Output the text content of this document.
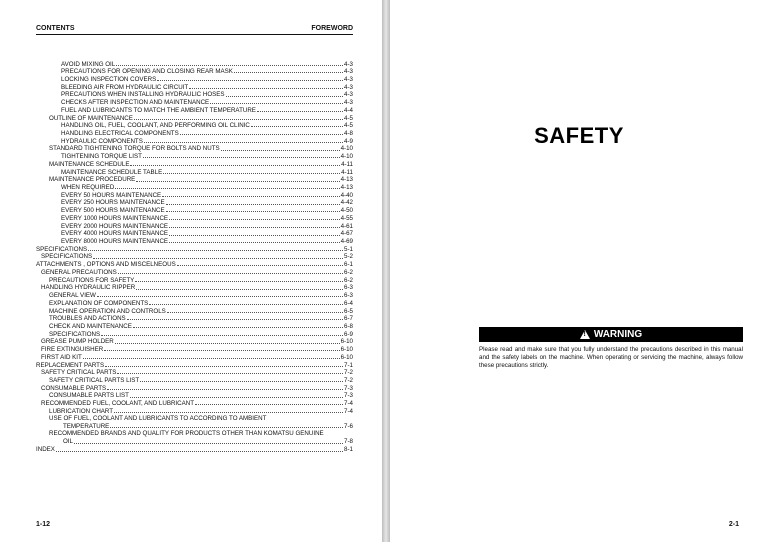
CONTENTS	FOREWORD
AVOID MIXING OIL	4-3
PRECAUTIONS FOR OPENING AND CLOSING REAR MASK	4-3
LOCKING INSPECTION COVERS	4-3
BLEEDING AIR FROM HYDRAULIC CIRCUIT	4-3
PRECAUTIONS WHEN INSTALLING HYDRAULIC HOSES	4-3
CHECKS AFTER INSPECTION AND MAINTENANCE	4-3
FUEL AND LUBRICANTS TO MATCH THE AMBIENT TEMPERATURE	4-4
OUTLINE OF MAINTENANCE	4-5
HANDLING OIL, FUEL, COOLANT, AND PERFORMING OIL CLINIC	4-5
HANDLING ELECTRICAL COMPONENTS	4-8
HYDRAULIC COMPONENTS	4-9
STANDARD TIGHTENING TORQUE FOR BOLTS AND NUTS	4-10
TIGHTENING TORQUE LIST	4-10
MAINTENANCE SCHEDULE	4-11
MAINTENANCE SCHEDULE TABLE	4-11
MAINTENANCE PROCEDURE	4-13
WHEN REQUIRED	4-13
EVERY 50 HOURS MAINTENANCE	4-40
EVERY 250 HOURS MAINTENANCE	4-42
EVERY 500 HOURS MAINTENANCE	4-50
EVERY 1000 HOURS MAINTENANCE	4-55
EVERY 2000 HOURS MAINTENANCE	4-61
EVERY 4000 HOURS MAINTENANCE	4-67
EVERY 8000 HOURS MAINTENANCE	4-69
SPECIFICATIONS	5-1
SPECIFICATIONS	5-2
ATTACHMENTS , OPTIONS AND MISCELNEOUS	6-1
GENERAL PRECAUTIONS	6-2
PRECAUTIONS FOR SAFETY	6-2
HANDLING HYDRAULIC RIPPER	6-3
GENERAL VIEW	6-3
EXPLANATION OF COMPONENTS	6-4
MACHINE OPERATION AND CONTROLS	6-5
TROUBLES AND ACTIONS	6-7
CHECK AND MAINTENANCE	6-8
SPECIFICATIONS	6-9
GREASE PUMP HOLDER	6-10
FIRE EXTINGUISHER	6-10
FIRST AID KIT	6-10
REPLACEMENT PARTS	7-1
SAFETY CRITICAL PARTS	7-2
SAFETY CRITICAL PARTS LIST	7-2
CONSUMABLE PARTS	7-3
CONSUMABLE PARTS LIST	7-3
RECOMMENDED FUEL, COOLANT, AND LUBRICANT	7-4
LUBRICATION CHART	7-4
USE OF FUEL, COOLANT AND LUBRICANTS TO ACCORDING TO AMBIENT
TEMPERATURE	7-6
RECOMMENDED BRANDS AND QUALITY FOR PRODUCTS OTHER THAN KOMATSU GENUINE
OIL	7-8
INDEX	8-1
1-12
SAFETY
! WARNING
Please read and make sure that you fully understand the precautions described in this manual and the safety labels on the machine. When operating or servicing the machine, always follow these precautions strictly.
2-1
